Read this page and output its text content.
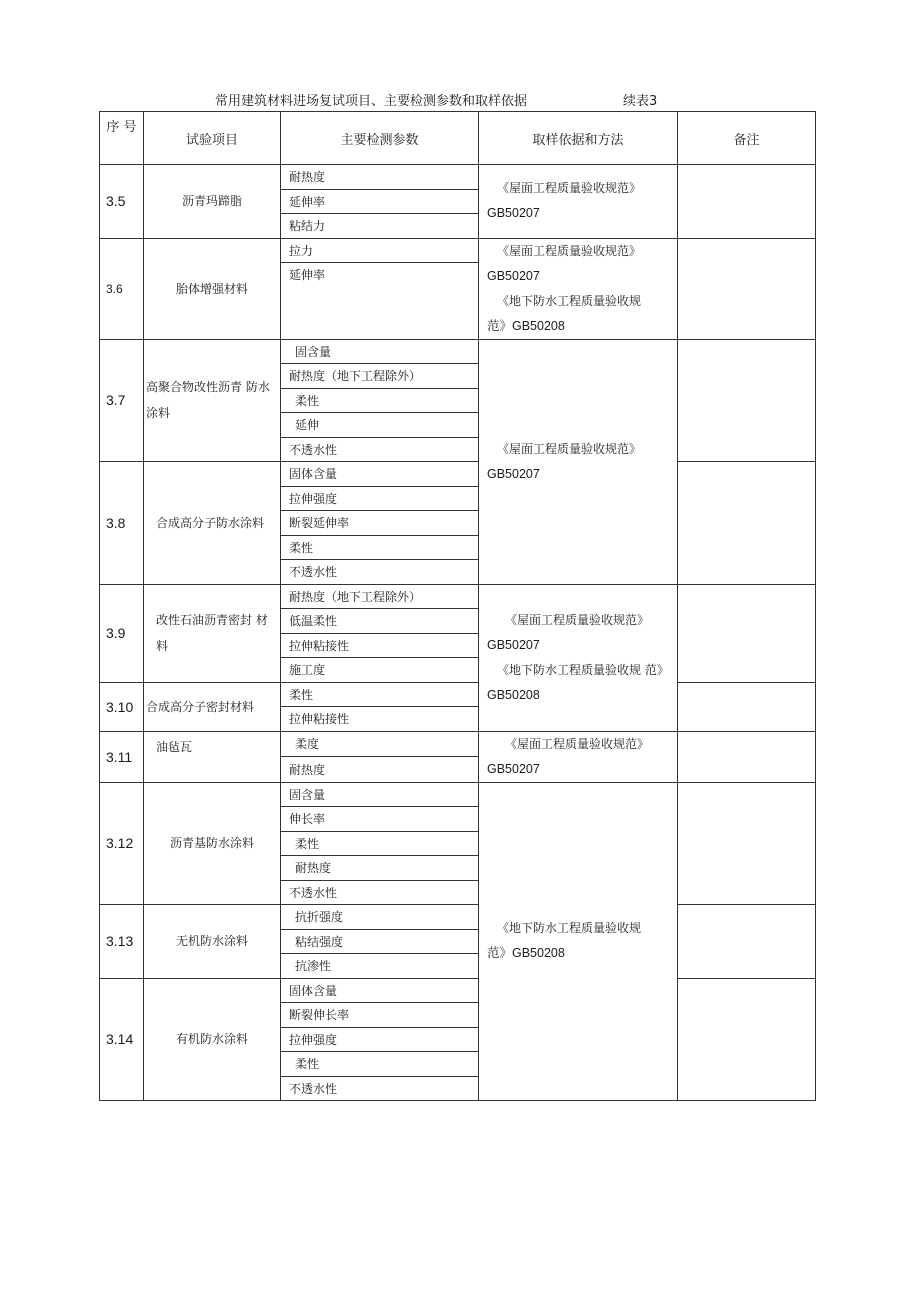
常用建筑材料进场复试项目、主要检测参数和取样依据	续表3
序 号	试验项目	主要检测参数	取样依据和方法	备注
3.5	沥青玛蹄脂	耐热度	《屋面工程质量验收规范》
GB50207	
		延伸率		
		粘结力		
3.6	胎体增强材料	拉力	《屋面工程质量验收规范》
GB50207
《地下防水工程质量验收规
范》GB50208	
		延伸率		
3.7	高聚合物改性沥青 防水涂料	固含量	《屋面工程质量验收规范》
GB50207	
		耐热度（地下工程除外）		
		柔性		
		延伸		
		不透水性		
3.8	合成高分子防水涂料	固体含量		
		拉伸强度		
		断裂延伸率		
		柔性		
		不透水性		
3.9	改性石油沥青密封 材料	耐热度（地下工程除外）	《屋面工程质量验收规范》
GB50207
《地下防水工程质量验收规 范》
GB50208	
		低温柔性		
		拉伸粘接性		
		施工度		
3.10	合成高分子密封材料	柔性		
		拉伸粘接性		
3.11	油毡瓦	柔度	《屋面工程质量验收规范》
GB50207	
		耐热度		
3.12	沥青基防水涂料	固含量	《地下防水工程质量验收规
范》GB50208	
		伸长率		
		柔性		
		耐热度		
		不透水性		
3.13	无机防水涂料	抗折强度		
		粘结强度		
		抗渗性		
3.14	有机防水涂料	固体含量		
		断裂伸长率		
		拉伸强度		
		柔性		
		不透水性		
